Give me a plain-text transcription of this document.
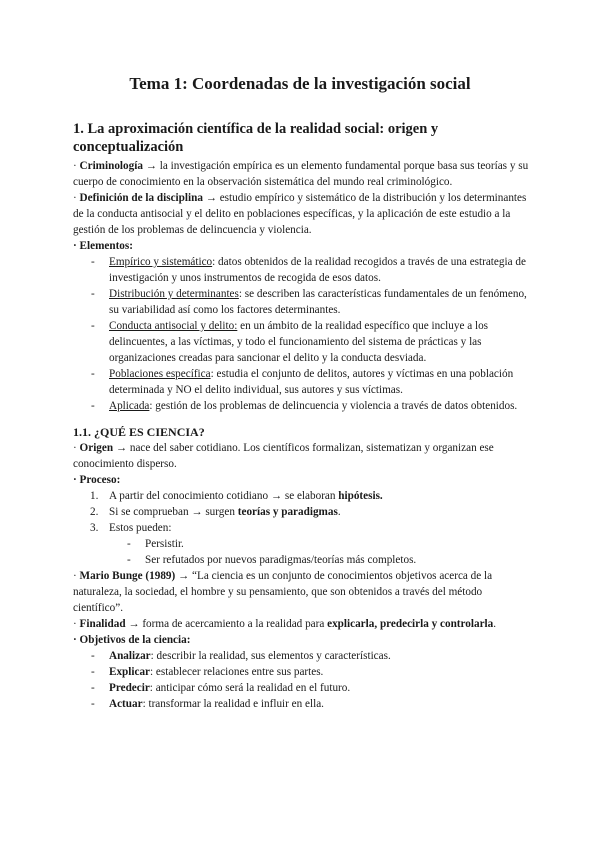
Tema 1: Coordenadas de la investigación social
1. La aproximación científica de la realidad social: origen y conceptualización

· Criminología → la investigación empírica es un elemento fundamental porque basa sus teorías y su cuerpo de conocimiento en la observación sistemática del mundo real criminológico.

· Definición de la disciplina → estudio empírico y sistemático de la distribución y los determinantes de la conducta antisocial y el delito en poblaciones específicas, y la aplicación de este estudio a la gestión de los problemas de delincuencia y violencia.

· Elementos:

- Empírico y sistemático: datos obtenidos de la realidad recogidos a través de una estrategia de investigación y unos instrumentos de recogida de esos datos.
- Distribución y determinantes: se describen las características fundamentales de un fenómeno, su variabilidad así como los factores determinantes.
- Conducta antisocial y delito: en un ámbito de la realidad específico que incluye a los delincuentes, a las víctimas, y todo el funcionamiento del sistema de prácticas y las organizaciones creadas para sancionar el delito y la conducta desviada.
- Poblaciones específica: estudia el conjunto de delitos, autores y víctimas en una población determinada y NO el delito individual, sus autores y sus víctimas.
- Aplicada: gestión de los problemas de delincuencia y violencia a través de datos obtenidos.
1.1. ¿QUÉ ES CIENCIA?

· Origen → nace del saber cotidiano. Los científicos formalizan, sistematizan y organizan ese conocimiento disperso.

· Proceso:

1. A partir del conocimiento cotidiano → se elaboran hipótesis.
2. Si se comprueban → surgen teorías y paradigmas.
3. Estos pueden:
- Persistir.
- Ser refutados por nuevos paradigmas/teorías más completos.

· Mario Bunge (1989) → “La ciencia es un conjunto de conocimientos objetivos acerca de la naturaleza, la sociedad, el hombre y su pensamiento, que son obtenidos a través del método científico”.

· Finalidad → forma de acercamiento a la realidad para explicarla, predecirla y controlarla.

· Objetivos de la ciencia:

- Analizar: describir la realidad, sus elementos y características.
- Explicar: establecer relaciones entre sus partes.
- Predecir: anticipar cómo será la realidad en el futuro.
- Actuar: transformar la realidad e influir en ella.
